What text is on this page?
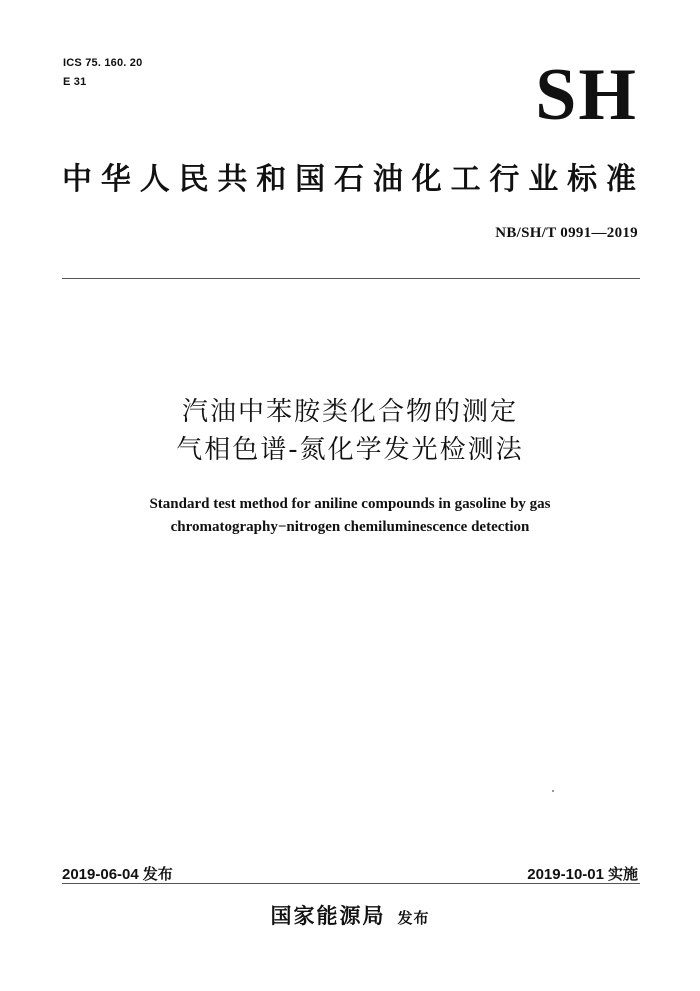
ICS 75. 160. 20
E 31	SH
中华人民共和国石油化工行业标准
NB/SH/T 0991—2019
汽油中苯胺类化合物的测定
气相色谱-氮化学发光检测法
Standard test method for aniline compounds in gasoline by gas
chromatography−nitrogen chemiluminescence detection
2019-06-04 发布	2019-10-01 实施
国家能源局 发布
